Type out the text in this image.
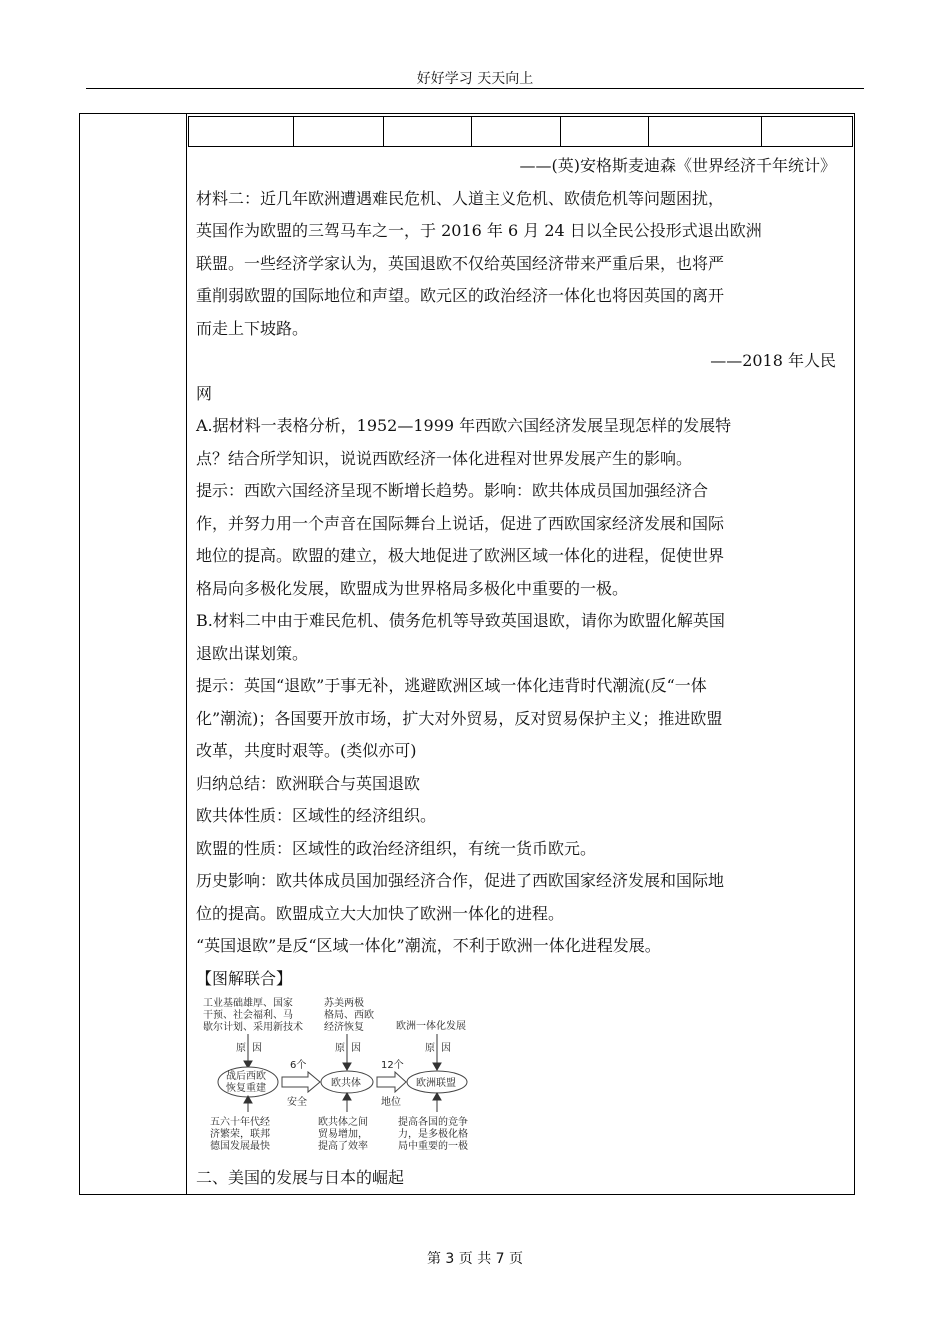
好好学习 天天向上

——(英)安格斯麦迪森《世界经济千年统计》

材料二：近几年欧洲遭遇难民危机、人道主义危机、欧债危机等问题困扰，

英国作为欧盟的三驾马车之一，于 2016 年 6 月 24 日以全民公投形式退出欧洲

联盟。一些经济学家认为，英国退欧不仅给英国经济带来严重后果，也将严

重削弱欧盟的国际地位和声望。欧元区的政治经济一体化也将因英国的离开

而走上下坡路。

——2018 年人民

网

A.据材料一表格分析，1952—1999 年西欧六国经济发展呈现怎样的发展特

点？结合所学知识，说说西欧经济一体化进程对世界发展产生的影响。

提示：西欧六国经济呈现不断增长趋势。影响：欧共体成员国加强经济合

作，并努力用一个声音在国际舞台上说话，促进了西欧国家经济发展和国际

地位的提高。欧盟的建立，极大地促进了欧洲区域一体化的进程，促使世界

格局向多极化发展，欧盟成为世界格局多极化中重要的一极。

B.材料二中由于难民危机、债务危机等导致英国退欧，请你为欧盟化解英国

退欧出谋划策。

提示：英国“退欧”于事无补，逃避欧洲区域一体化违背时代潮流(反“一体

化”潮流)；各国要开放市场，扩大对外贸易，反对贸易保护主义；推进欧盟

改革，共度时艰等。(类似亦可)

归纳总结：欧洲联合与英国退欧

欧共体性质：区域性的经济组织。

欧盟的性质：区域性的政治经济组织，有统一货币欧元。

历史影响：欧共体成员国加强经济合作，促进了西欧国家经济发展和国际地

位的提高。欧盟成立大大加快了欧洲一体化的进程。

“英国退欧”是反“区域一体化”潮流，不利于欧洲一体化进程发展。

【图解联合】

工业基础雄厚、国家
干预、社会福利、马
歇尔计划、采用新技术
苏美两极
格局、西欧
经济恢复	欧洲一体化发展
原 因	原 因	原 因
战后西欧
恢复重建	欧共体	欧洲联盟
6个
安全
12个
地位
五六十年代经
济繁荣，联邦
德国发展最快
欧共体之间
贸易增加，
提高了效率
提高各国的竞争
力，是多极化格
局中重要的一极
二、美国的发展与日本的崛起
第 3 页 共 7 页
